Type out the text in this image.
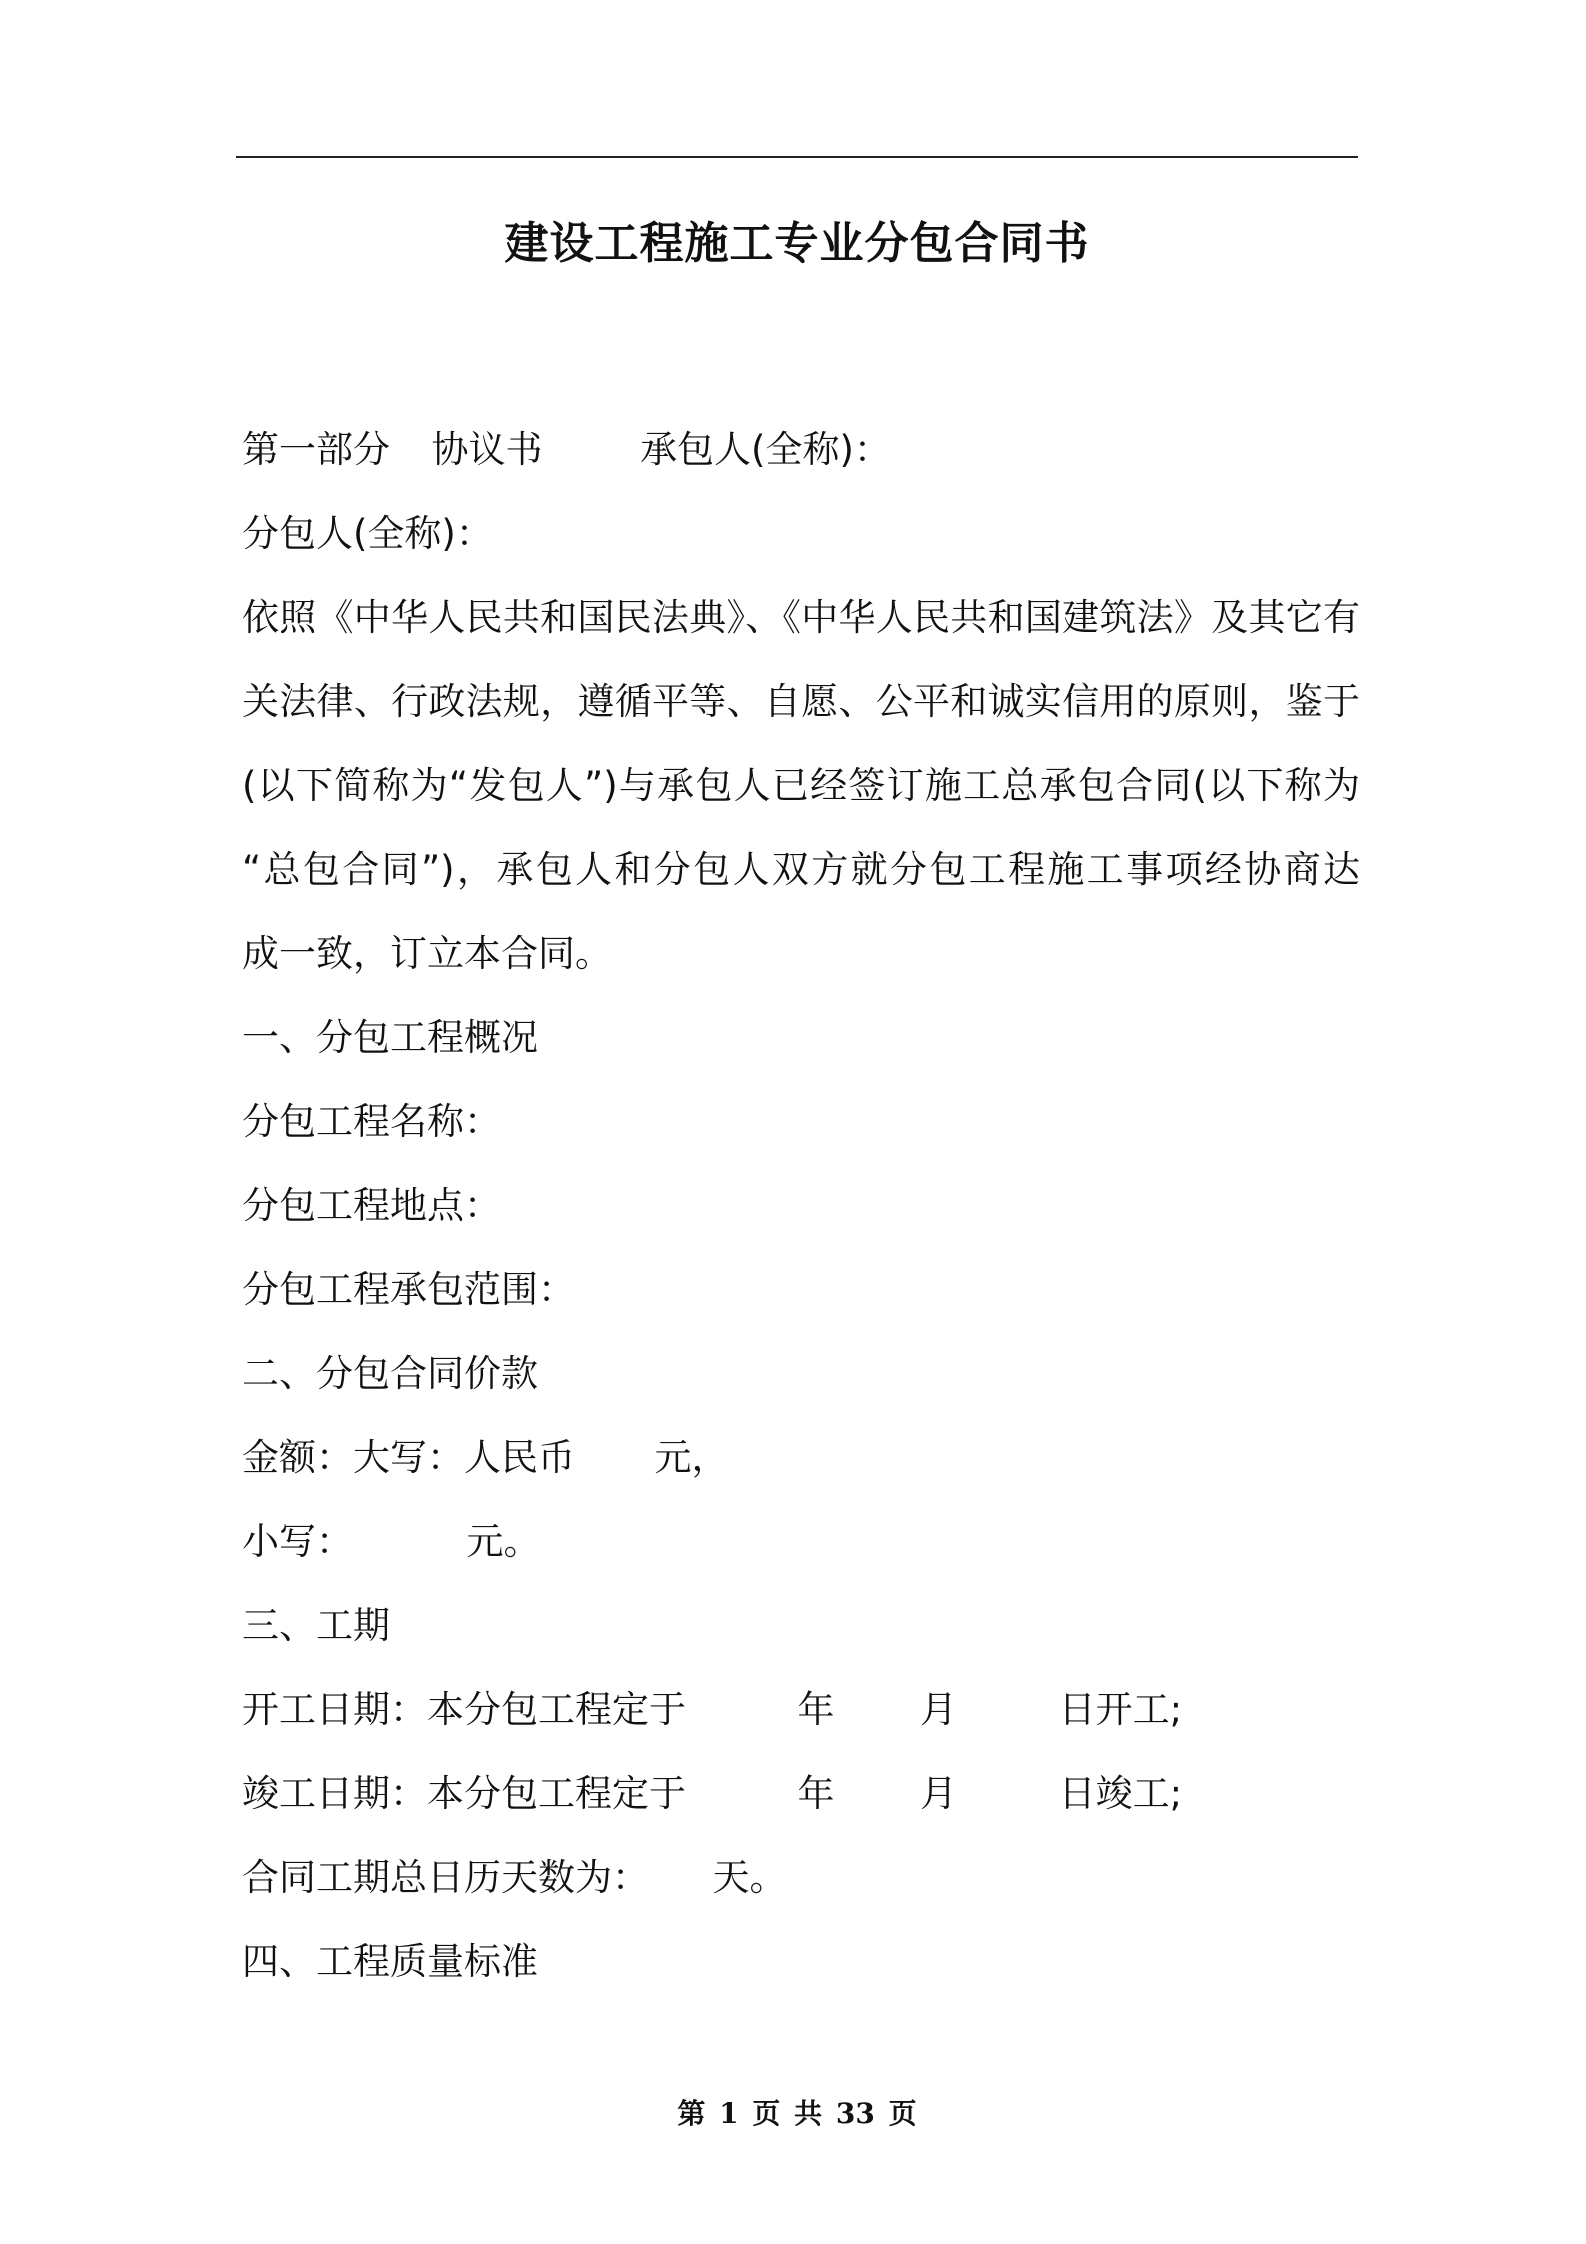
建设工程施工专业分包合同书
第一部分 协议书	承包人(全称)：
分包人(全称)：
依照《中华人民共和国民法典》、《中华人民共和国建筑法》及其它有
关法律、行政法规，遵循平等、自愿、公平和诚实信用的原则，鉴于
(以下简称为“发包人”)与承包人已经签订施工总承包合同(以下称为
“总包合同”)，承包人和分包人双方就分包工程施工事项经协商达
成一致，订立本合同。
一、分包工程概况
分包工程名称：
分包工程地点：
分包工程承包范围：
二、分包合同价款
金额：大写：人民币 元，
小写：	元。
三、工期
开工日期：本分包工程定于	年 月	日开工;
竣工日期：本分包工程定于	年 月	日竣工;
合同工期总日历天数为： 天。
四、工程质量标准
第 1 页 共 33 页
